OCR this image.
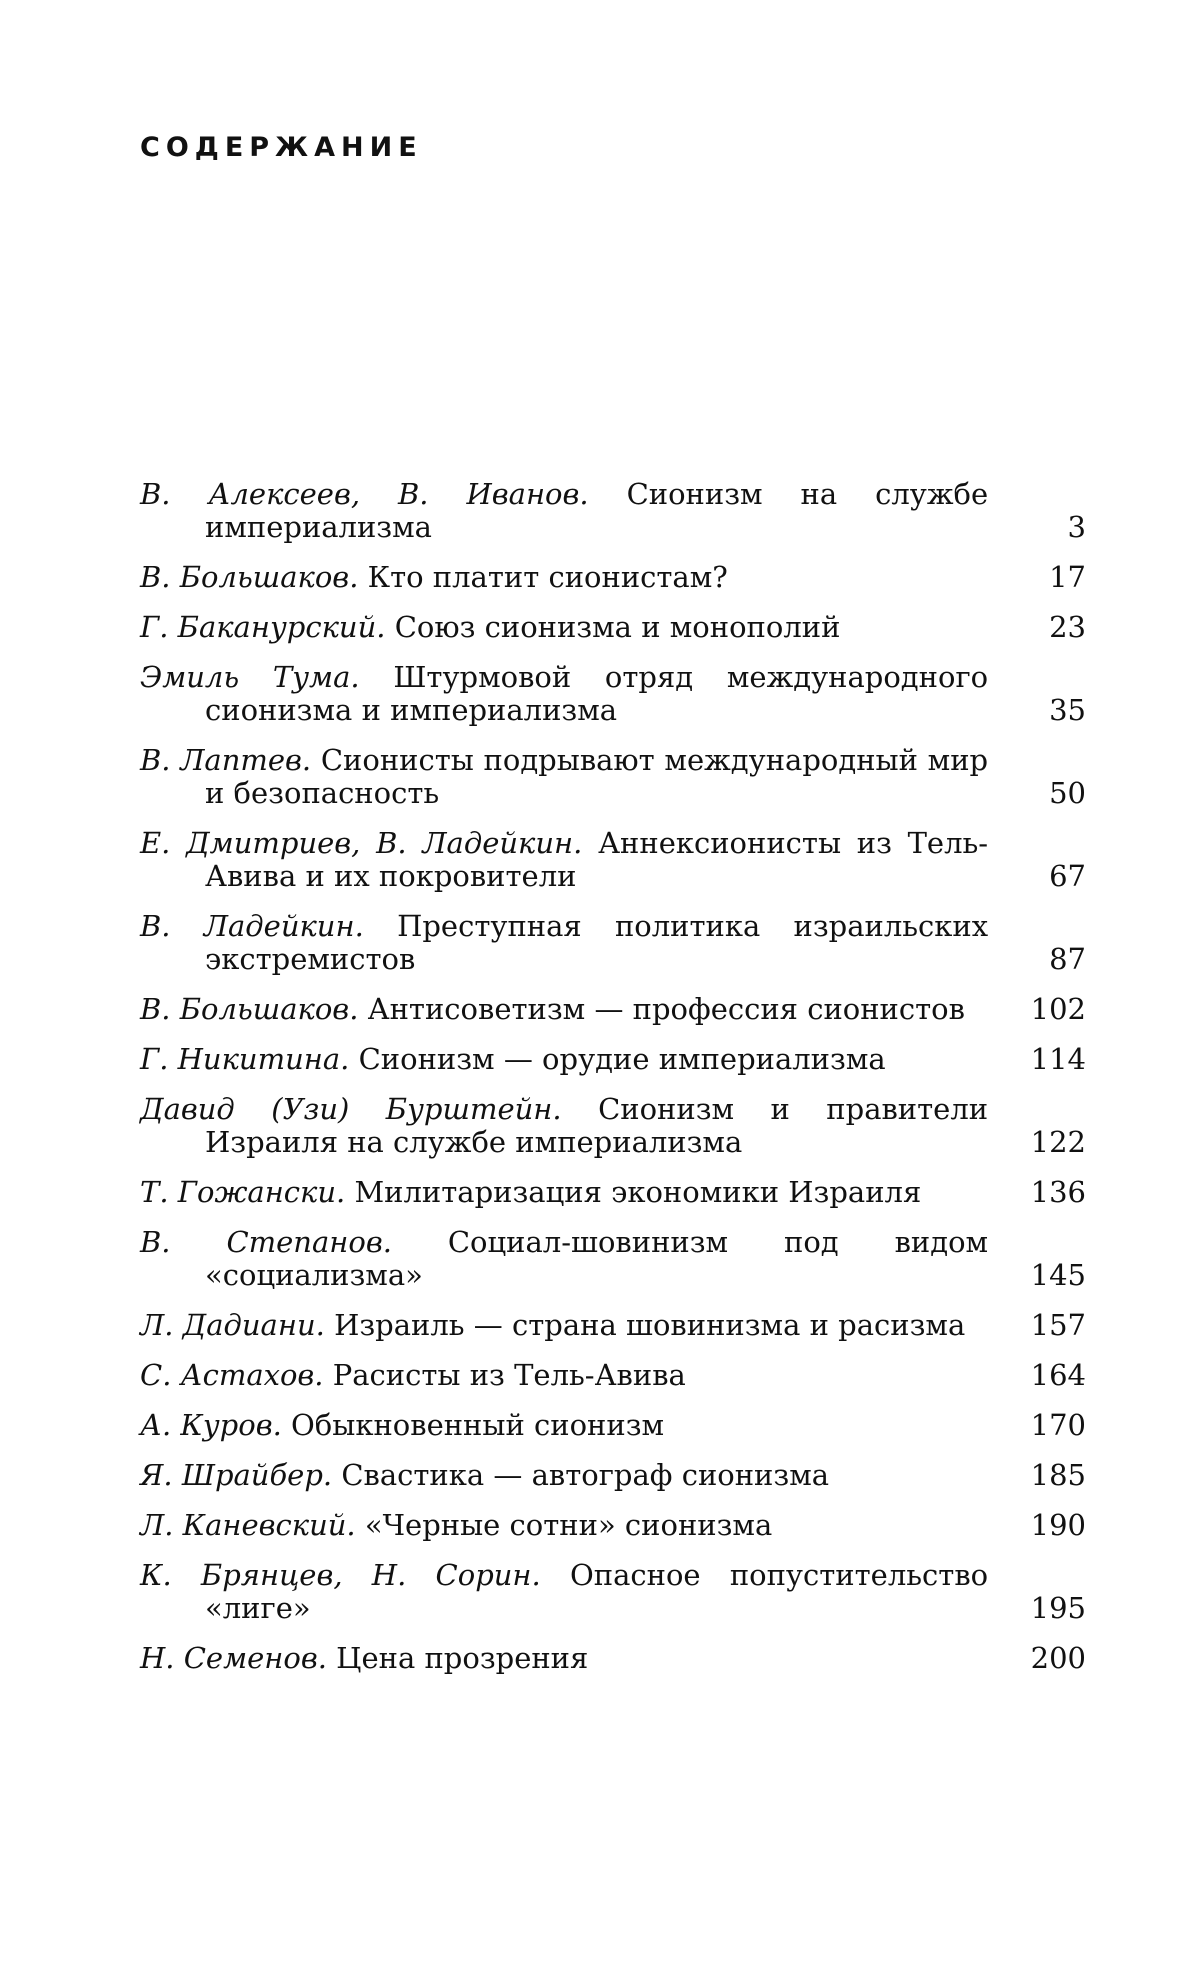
СОДЕРЖАНИЕ
В. Алексеев, В. Иванов. Сионизм на службе империализма	3
В. Большаков. Кто платит сионистам?	17
Г. Баканурский. Союз сионизма и монополий	23
Эмиль Тума. Штурмовой отряд международного сионизма и империализма	35
В. Лаптев. Сионисты подрывают международный мир и безопасность	50
Е. Дмитриев, В. Ладейкин. Аннексионисты из Тель-Авива и их покровители	67
В. Ладейкин. Преступная политика израильских экстремистов	87
В. Большаков. Антисоветизм — профессия сионистов	102
Г. Никитина. Сионизм — орудие империализма	114
Давид (Узи) Бурштейн. Сионизм и правители Израиля на службе империализма	122
Т. Гожански. Милитаризация экономики Израиля	136
В. Степанов. Социал-шовинизм под видом «социализма»	145
Л. Дадиани. Израиль — страна шовинизма и расизма	157
С. Астахов. Расисты из Тель-Авива	164
А. Куров. Обыкновенный сионизм	170
Я. Шрайбер. Свастика — автограф сионизма	185
Л. Каневский. «Черные сотни» сионизма	190
К. Брянцев, Н. Сорин. Опасное попустительство «лиге»	195
Н. Семенов. Цена прозрения	200
